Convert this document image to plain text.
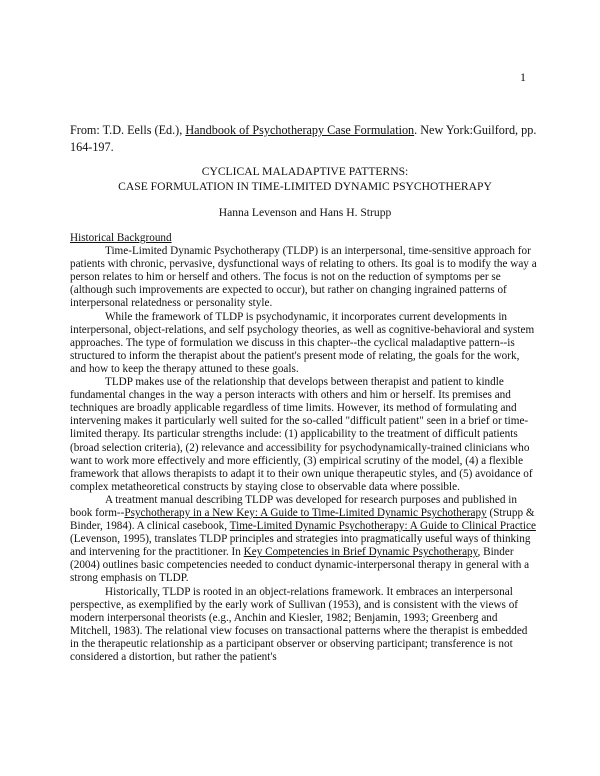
1
From: T.D. Eells (Ed.), Handbook of Psychotherapy Case Formulation. New York:Guilford, pp. 164-197.
CYCLICAL MALADAPTIVE PATTERNS:
CASE FORMULATION IN TIME-LIMITED DYNAMIC PSYCHOTHERAPY
Hanna Levenson and Hans H. Strupp
Historical Background

Time-Limited Dynamic Psychotherapy (TLDP) is an interpersonal, time-sensitive approach for patients with chronic, pervasive, dysfunctional ways of relating to others. Its goal is to modify the way a person relates to him or herself and others. The focus is not on the reduction of symptoms per se (although such improvements are expected to occur), but rather on changing ingrained patterns of interpersonal relatedness or personality style.

While the framework of TLDP is psychodynamic, it incorporates current developments in interpersonal, object-relations, and self psychology theories, as well as cognitive-behavioral and system approaches. The type of formulation we discuss in this chapter--the cyclical maladaptive pattern--is structured to inform the therapist about the patient's present mode of relating, the goals for the work, and how to keep the therapy attuned to these goals.

TLDP makes use of the relationship that develops between therapist and patient to kindle fundamental changes in the way a person interacts with others and him or herself. Its premises and techniques are broadly applicable regardless of time limits. However, its method of formulating and intervening makes it particularly well suited for the so-called "difficult patient" seen in a brief or time-limited therapy. Its particular strengths include: (1) applicability to the treatment of difficult patients (broad selection criteria), (2) relevance and accessibility for psychodynamically-trained clinicians who want to work more effectively and more efficiently, (3) empirical scrutiny of the model, (4) a flexible framework that allows therapists to adapt it to their own unique therapeutic styles, and (5) avoidance of complex metatheoretical constructs by staying close to observable data where possible.

A treatment manual describing TLDP was developed for research purposes and published in book form--Psychotherapy in a New Key: A Guide to Time-Limited Dynamic Psychotherapy (Strupp & Binder, 1984). A clinical casebook, Time-Limited Dynamic Psychotherapy: A Guide to Clinical Practice (Levenson, 1995), translates TLDP principles and strategies into pragmatically useful ways of thinking and intervening for the practitioner. In Key Competencies in Brief Dynamic Psychotherapy, Binder (2004) outlines basic competencies needed to conduct dynamic-interpersonal therapy in general with a strong emphasis on TLDP.

Historically, TLDP is rooted in an object-relations framework. It embraces an interpersonal perspective, as exemplified by the early work of Sullivan (1953), and is consistent with the views of modern interpersonal theorists (e.g., Anchin and Kiesler, 1982; Benjamin, 1993; Greenberg and Mitchell, 1983). The relational view focuses on transactional patterns where the therapist is embedded in the therapeutic relationship as a participant observer or observing participant; transference is not considered a distortion, but rather the patient's
